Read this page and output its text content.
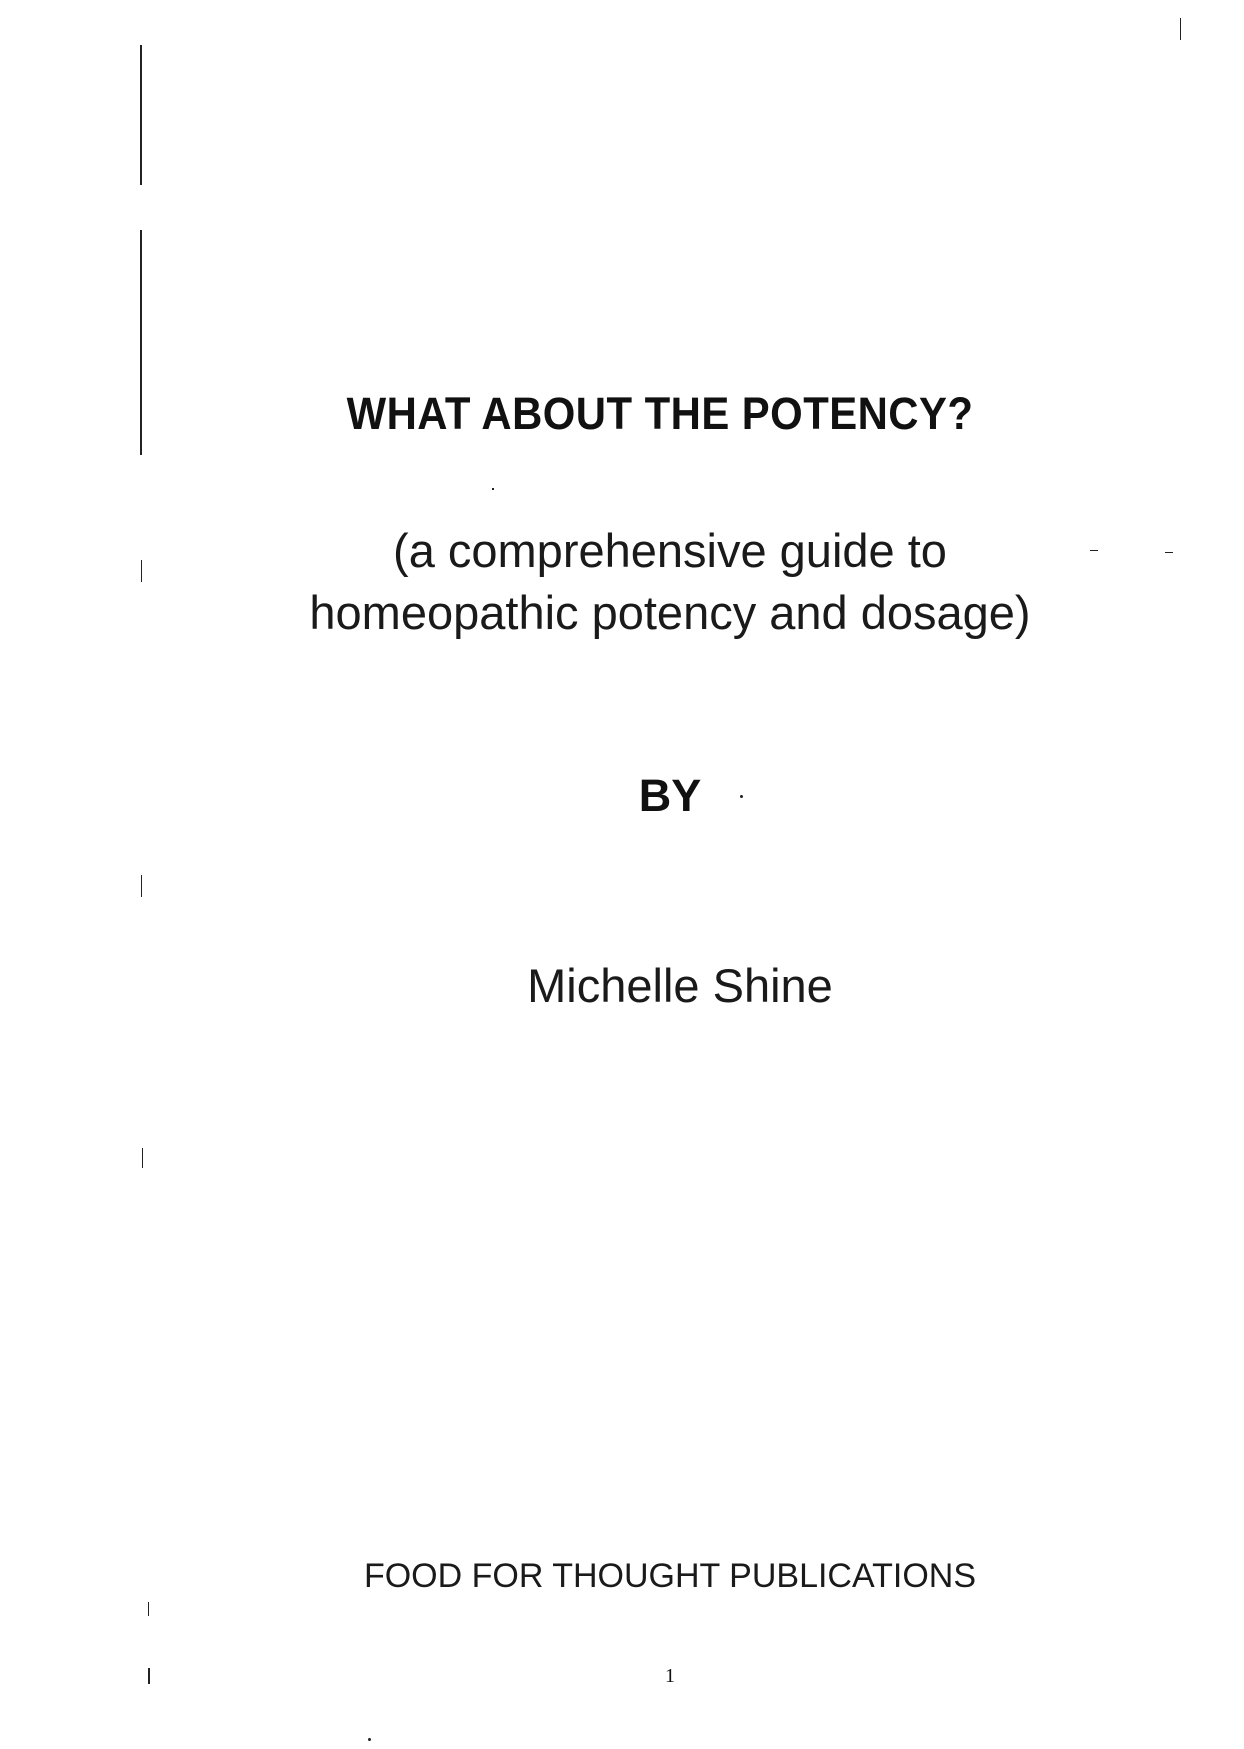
WHAT ABOUT THE POTENCY?

(a comprehensive guide to homeopathic potency and dosage)

BY

Michelle Shine

FOOD FOR THOUGHT PUBLICATIONS

1
